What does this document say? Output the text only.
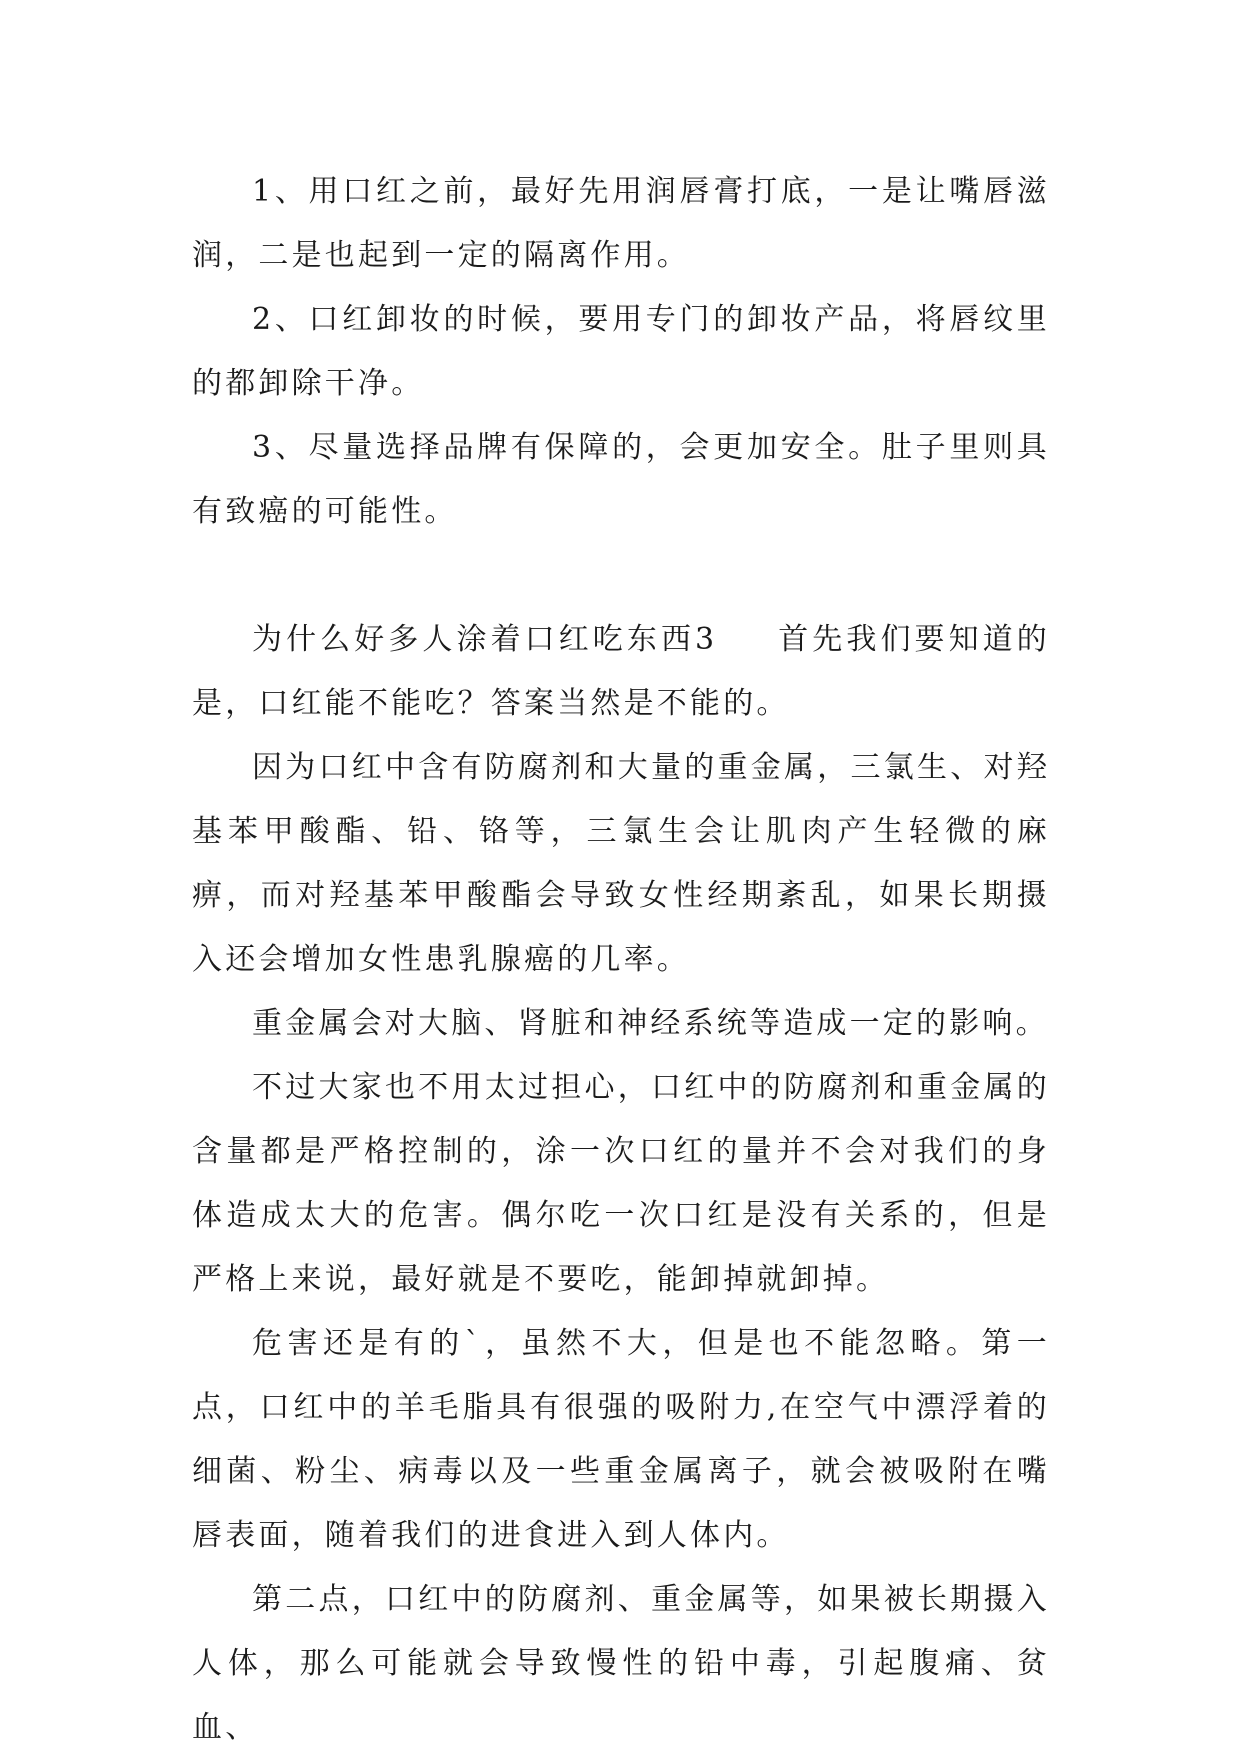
1、用口红之前，最好先用润唇膏打底，一是让嘴唇滋润，二是也起到一定的隔离作用。

2、口红卸妆的时候，要用专门的卸妆产品，将唇纹里的都卸除干净。

3、尽量选择品牌有保障的，会更加安全。肚子里则具有致癌的可能性。

为什么好多人涂着口红吃东西3 首先我们要知道的是，口红能不能吃？答案当然是不能的。

因为口红中含有防腐剂和大量的重金属，三氯生、对羟基苯甲酸酯、铅、铬等，三氯生会让肌肉产生轻微的麻痹，而对羟基苯甲酸酯会导致女性经期紊乱，如果长期摄入还会增加女性患乳腺癌的几率。

重金属会对大脑、肾脏和神经系统等造成一定的影响。

不过大家也不用太过担心，口红中的防腐剂和重金属的含量都是严格控制的，涂一次口红的量并不会对我们的身体造成太大的危害。偶尔吃一次口红是没有关系的，但是严格上来说，最好就是不要吃，能卸掉就卸掉。

危害还是有的`，虽然不大，但是也不能忽略。第一点，口红中的羊毛脂具有很强的吸附力,在空气中漂浮着的细菌、粉尘、病毒以及一些重金属离子，就会被吸附在嘴唇表面，随着我们的进食进入到人体内。

第二点，口红中的防腐剂、重金属等，如果被长期摄入人体，那么可能就会导致慢性的铅中毒，引起腹痛、贫血、
